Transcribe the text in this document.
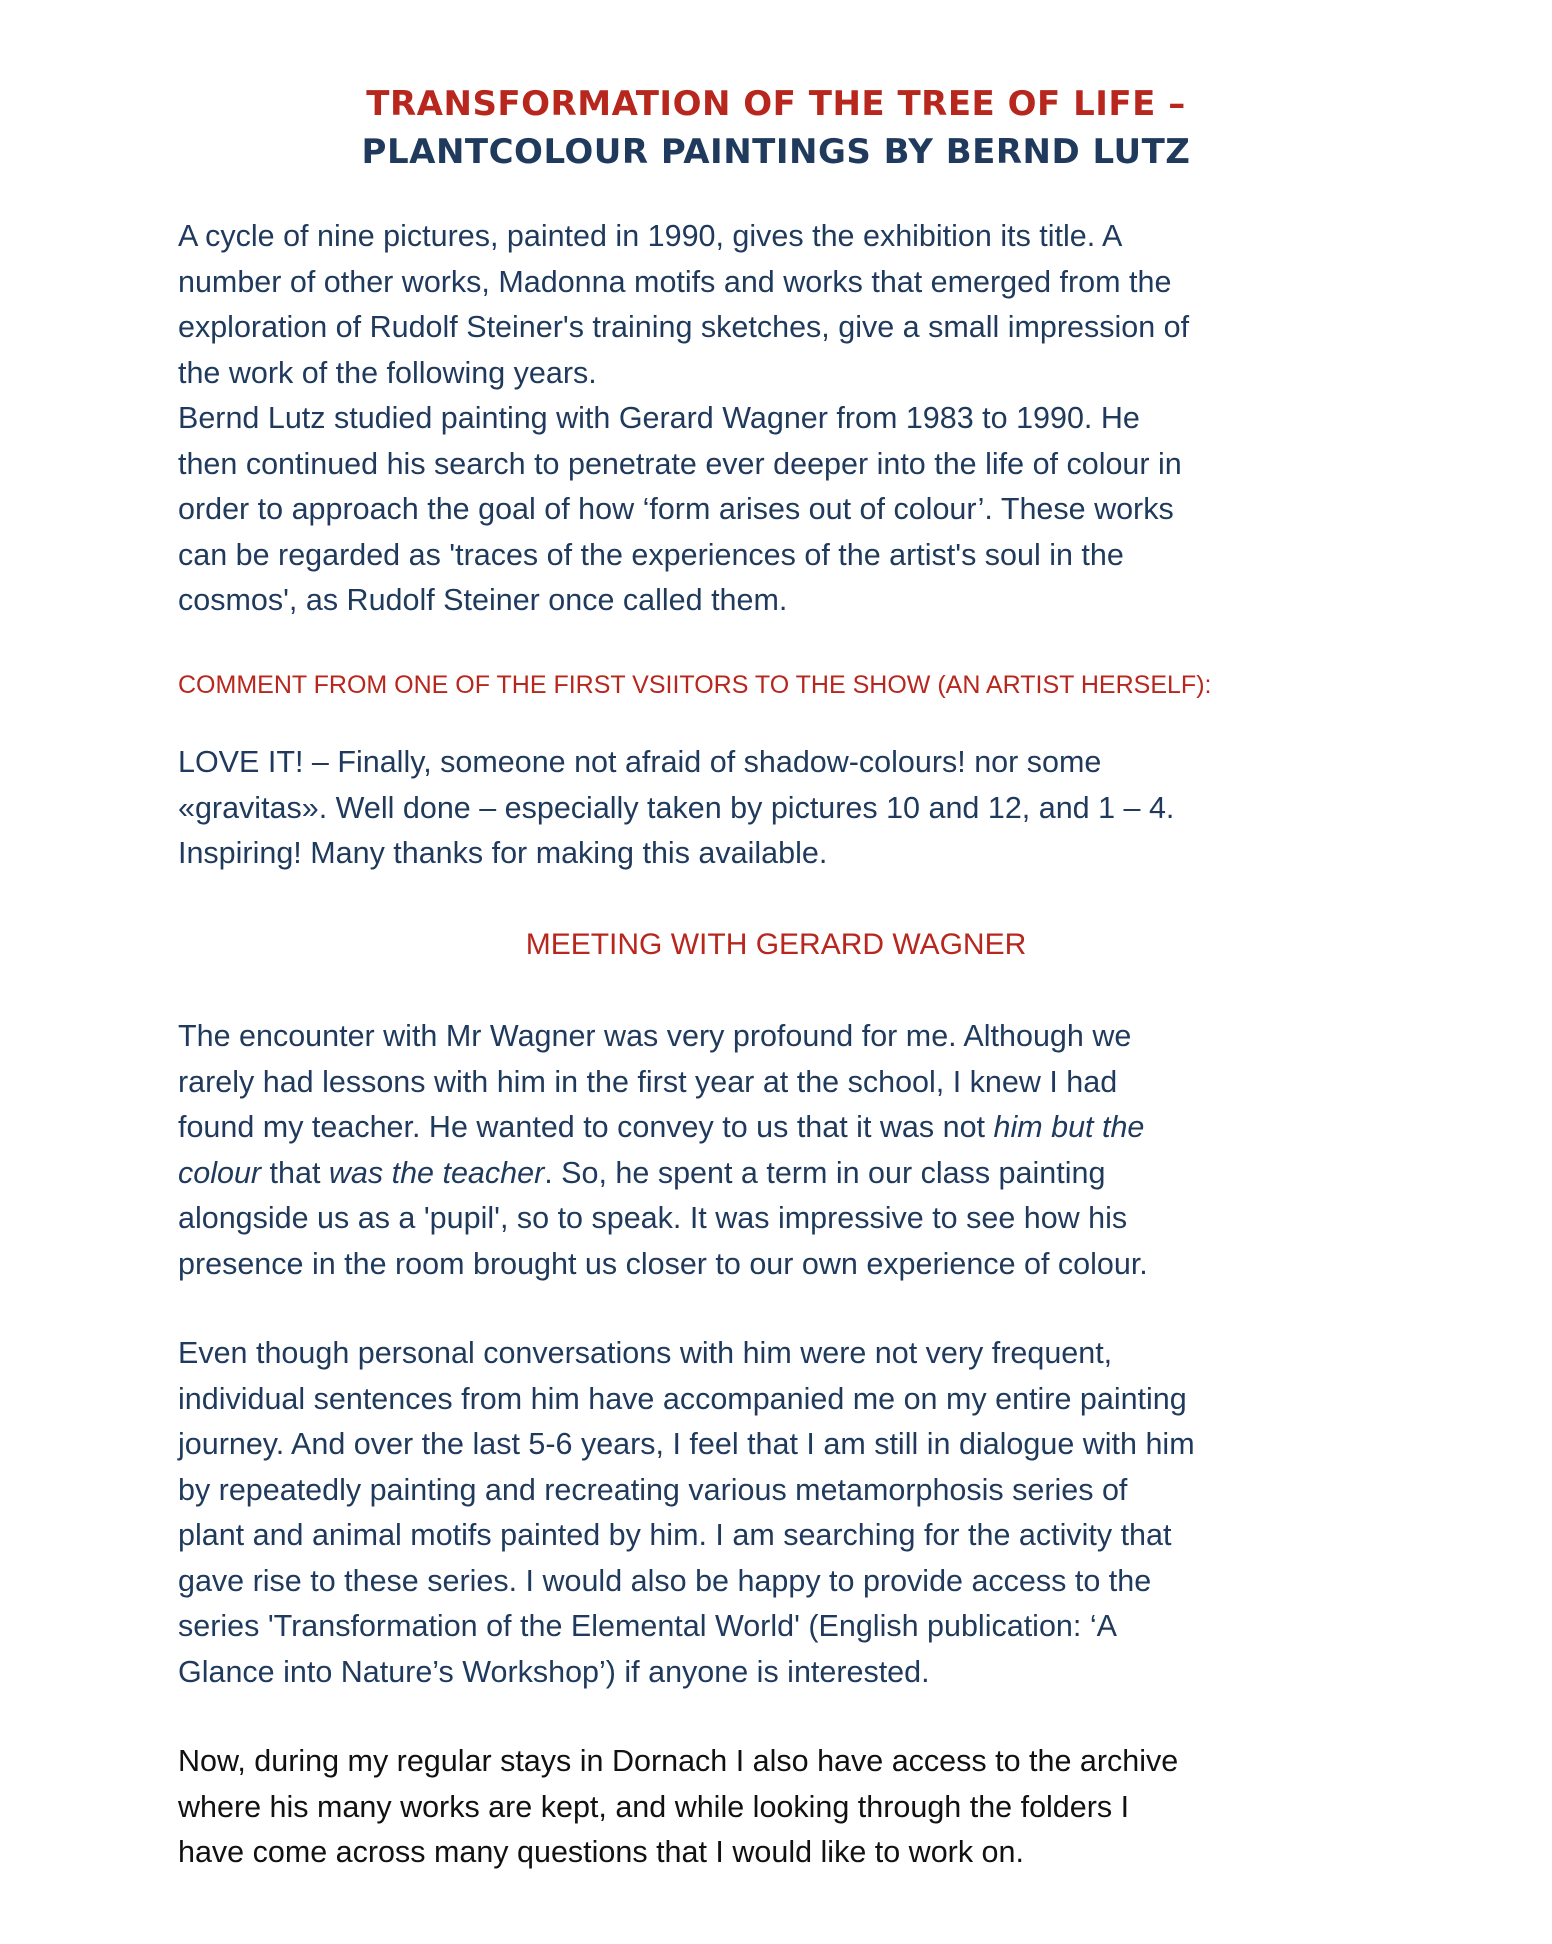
TRANSFORMATION OF THE TREE OF LIFE –
PLANTCOLOUR PAINTINGS BY BERND LUTZ

A cycle of nine pictures, painted in 1990, gives the exhibition its title. A
number of other works, Madonna motifs and works that emerged from the
exploration of Rudolf Steiner's training sketches, give a small impression of
the work of the following years.
Bernd Lutz studied painting with Gerard Wagner from 1983 to 1990. He
then continued his search to penetrate ever deeper into the life of colour in
order to approach the goal of how ‘form arises out of colour’. These works
can be regarded as 'traces of the experiences of the artist's soul in the
cosmos', as Rudolf Steiner once called them.

COMMENT FROM ONE OF THE FIRST VSIITORS TO THE SHOW (AN ARTIST HERSELF):

LOVE IT! – Finally, someone not afraid of shadow-colours! nor some
«gravitas». Well done – especially taken by pictures 10 and 12, and 1 – 4.
Inspiring! Many thanks for making this available.

MEETING WITH GERARD WAGNER

The encounter with Mr Wagner was very profound for me. Although we
rarely had lessons with him in the first year at the school, I knew I had
found my teacher. He wanted to convey to us that it was not him but the
colour that was the teacher. So, he spent a term in our class painting
alongside us as a 'pupil', so to speak. It was impressive to see how his
presence in the room brought us closer to our own experience of colour.

Even though personal conversations with him were not very frequent,
individual sentences from him have accompanied me on my entire painting
journey. And over the last 5-6 years, I feel that I am still in dialogue with him
by repeatedly painting and recreating various metamorphosis series of
plant and animal motifs painted by him. I am searching for the activity that
gave rise to these series. I would also be happy to provide access to the
series 'Transformation of the Elemental World' (English publication: ‘A
Glance into Nature’s Workshop’) if anyone is interested.

Now, during my regular stays in Dornach I also have access to the archive
where his many works are kept, and while looking through the folders I
have come across many questions that I would like to work on.
